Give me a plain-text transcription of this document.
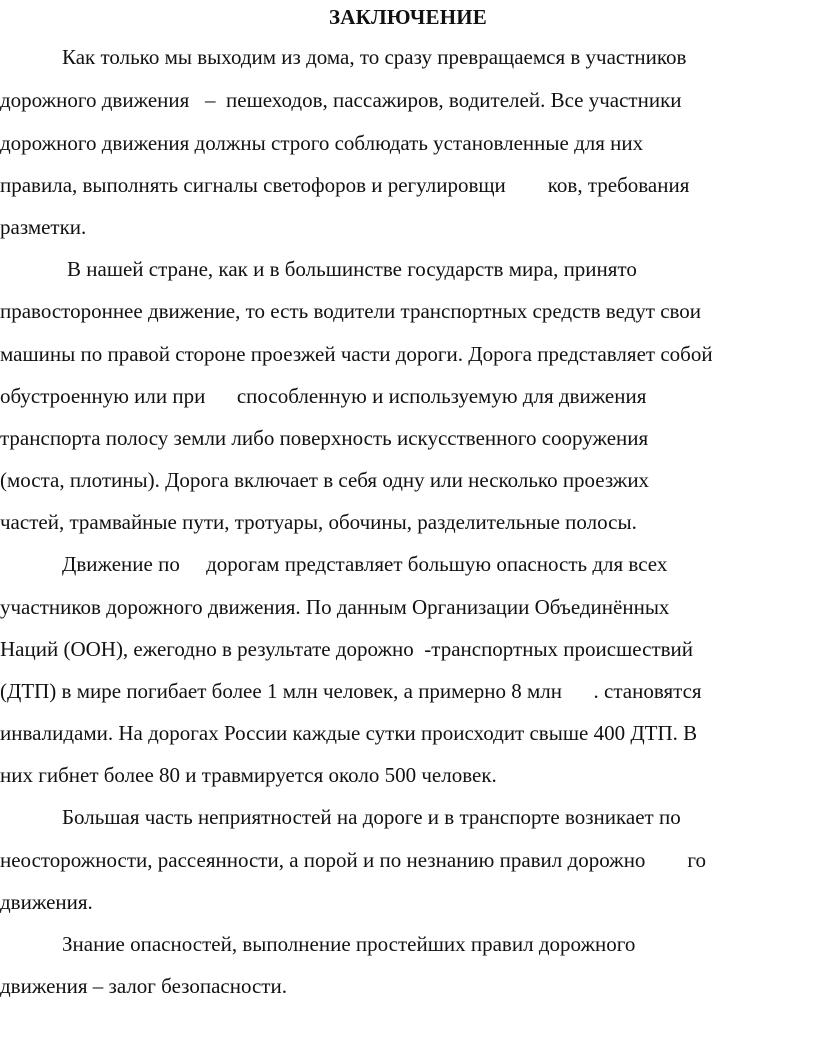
ЗАКЛЮЧЕНИЕ
Как только мы выходим из дома, то сразу превращаемся в участников
дорожного движения   –  пешеходов, пассажиров, водителей. Все участники
дорожного движения должны строго соблюдать установленные для них
правила, выполнять сигналы светофоров и регулировщи        ков, требования
разметки.
В нашей стране, как и в большинстве государств мира, принято
правостороннее движение, то есть водители транспортных средств ведут свои
машины по правой стороне проезжей части дороги. Дорога представляет собой
обустроенную или при      способленную и используемую для движения
транспорта полосу земли либо поверхность искусственного сооружения
(моста, плотины). Дорога включает в себя одну или несколько проезжих
частей, трамвайные пути, тротуары, обочины, разделительные полосы.
Движение по     дорогам представляет большую опасность для всех
участников дорожного движения. По данным Организации Объединённых
Наций (ООН), ежегодно в результате дорожно  -транспортных происшествий
(ДТП) в мире погибает более 1 млн человек, а примерно 8 млн      . становятся
инвалидами. На дорогах России каждые сутки происходит свыше 400 ДТП. В
них гибнет более 80 и травмируется около 500 человек.
Большая часть неприятностей на дороге и в транспорте возникает по
неосторожности, рассеянности, а порой и по незнанию правил дорожно        го
движения.
Знание опасностей, выполнение простейших правил дорожного
движения – залог безопасности.
